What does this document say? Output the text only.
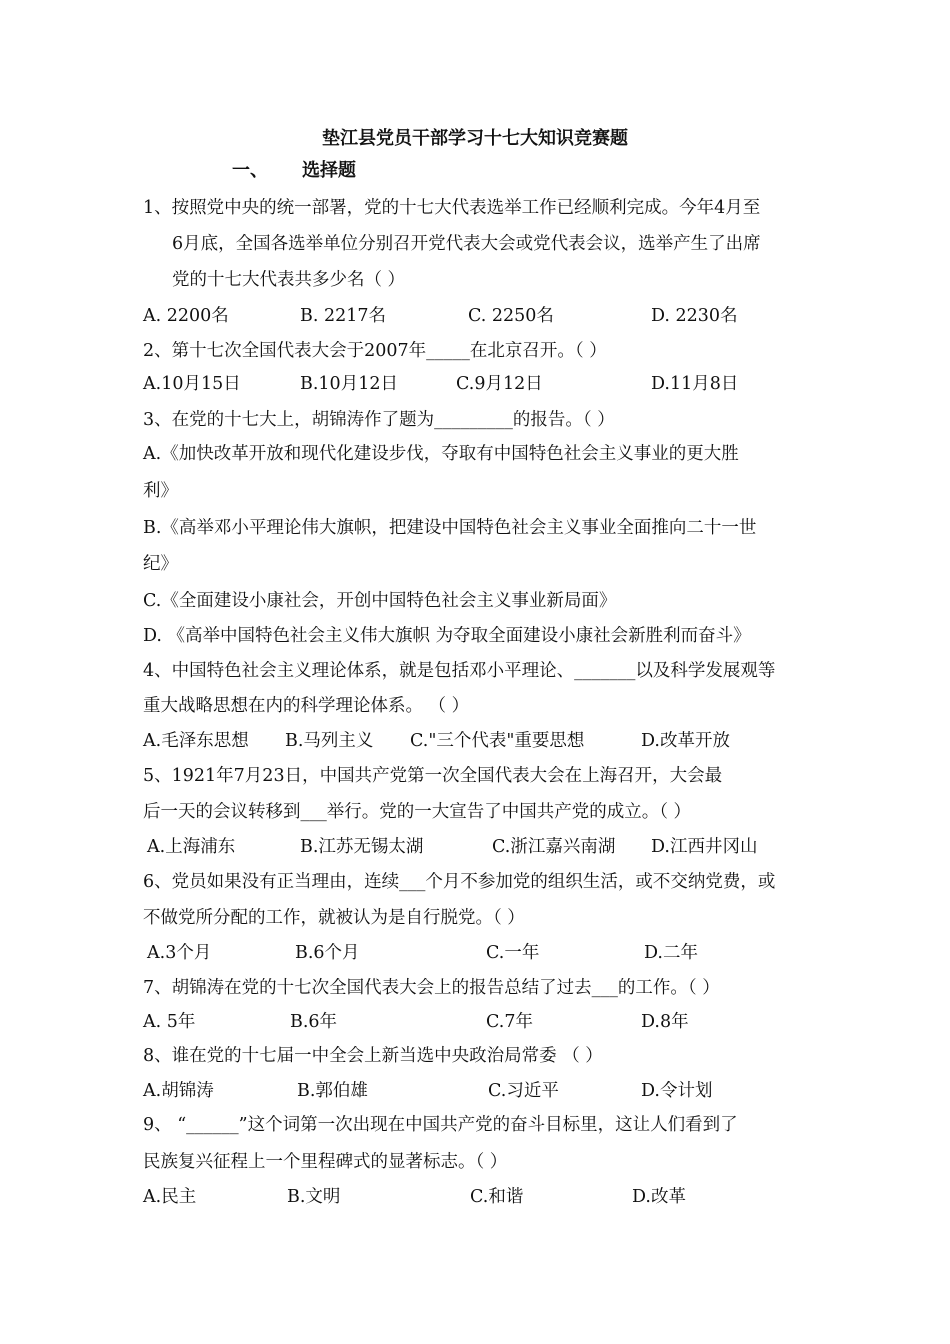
垫江县党员干部学习十七大知识竞赛题
一、 选择题
1、按照党中央的统一部署，党的十七大代表选举工作已经顺利完成。今年4月至
6月底，全国各选举单位分别召开党代表大会或党代表会议，选举产生了出席
党的十七大代表共多少名（ ）
A. 2200名	B. 2217名	C. 2250名	D. 2230名
2、第十七次全国代表大会于2007年_____在北京召开。（ ）
A.10月15日	B.10月12日	C.9月12日	D.11月8日
3、在党的十七大上，胡锦涛作了题为_________的报告。（ ）
A.《加快改革开放和现代化建设步伐，夺取有中国特色社会主义事业的更大胜
利》
B.《高举邓小平理论伟大旗帜，把建设中国特色社会主义事业全面推向二十一世
纪》
C.《全面建设小康社会，开创中国特色社会主义事业新局面》
D. 《高举中国特色社会主义伟大旗帜 为夺取全面建设小康社会新胜利而奋斗》
4、中国特色社会主义理论体系，就是包括邓小平理论、_______以及科学发展观等
重大战略思想在内的科学理论体系。 （ ）
A.毛泽东思想 B.马列主义 C."三个代表"重要思想	D.改革开放
5、1921年7月23日，中国共产党第一次全国代表大会在上海召开，大会最
后一天的会议转移到___举行。党的一大宣告了中国共产党的成立。（ ）
A.上海浦东	B.江苏无锡太湖	C.浙江嘉兴南湖 D.江西井冈山
6、党员如果没有正当理由，连续___个月不参加党的组织生活，或不交纳党费，或
不做党所分配的工作，就被认为是自行脱党。（ ）
A.3个月	B.6个月	C.一年	D.二年
7、胡锦涛在党的十七次全国代表大会上的报告总结了过去___的工作。（ ）
A. 5年	B.6年	C.7年	D.8年
8、谁在党的十七届一中全会上新当选中央政治局常委 （ ）
A.胡锦涛	B.郭伯雄	C.习近平	D.令计划
9、 “______”这个词第一次出现在中国共产党的奋斗目标里，这让人们看到了
民族复兴征程上一个里程碑式的显著标志。（ ）
A.民主	B.文明	C.和谐	D.改革
